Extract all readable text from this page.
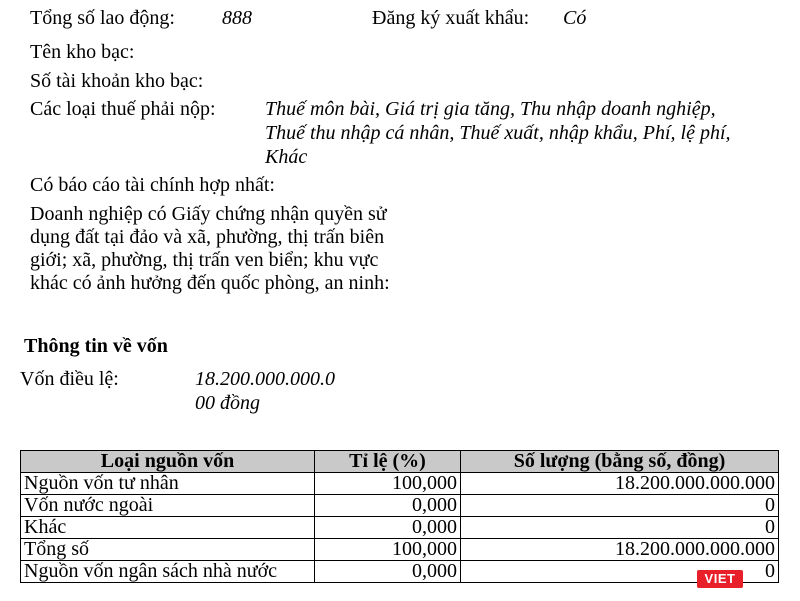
Tổng số lao động: 888	Đăng ký xuất khẩu: Có
Tên kho bạc:
Số tài khoản kho bạc:
Các loại thuế phải nộp: Thuế môn bài, Giá trị gia tăng, Thu nhập doanh nghiệp,
Thuế thu nhập cá nhân, Thuế xuất, nhập khẩu, Phí, lệ phí,
Khác
Có báo cáo tài chính hợp nhất:
Doanh nghiệp có Giấy chứng nhận quyền sử
dụng đất tại đảo và xã, phường, thị trấn biên
giới; xã, phường, thị trấn ven biển; khu vực
khác có ảnh hưởng đến quốc phòng, an ninh:
Thông tin về vốn
Vốn điều lệ:	18.200.000.000.0
00 đồng
Loại nguồn vốn	Tỉ lệ (%)	Số lượng (bằng số, đồng)
Nguồn vốn tư nhân	100,000	18.200.000.000.000
Vốn nước ngoài	0,000	0
Khác	0,000	0
Tổng số	100,000	18.200.000.000.000
Nguồn vốn ngân sách nhà nước	0,000	0
VIET
